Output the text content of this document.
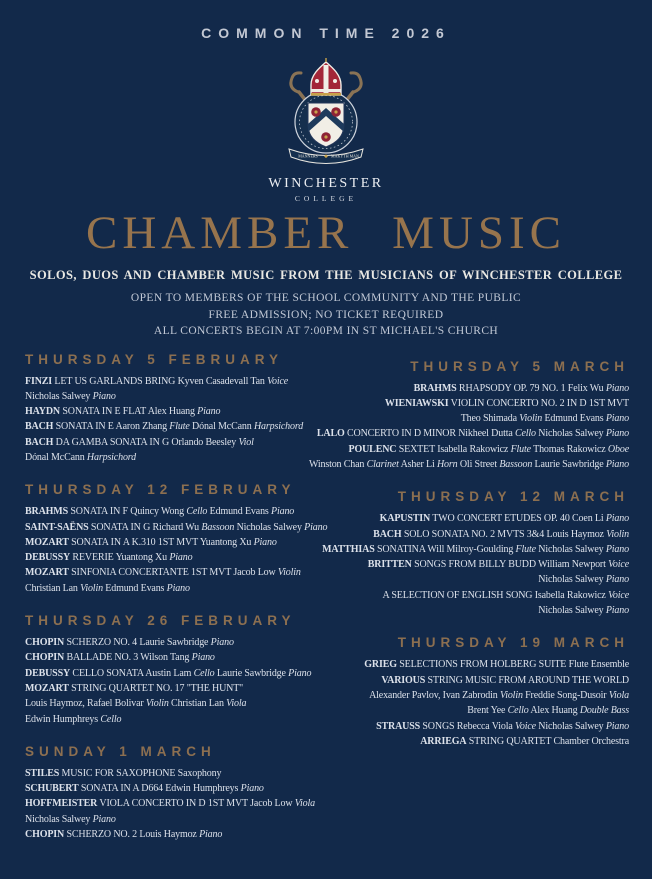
COMMON TIME 2026
MANNERS	MAKYTH MAN
WINCHESTER
COLLEGE
CHAMBER MUSIC
SOLOS, DUOS AND CHAMBER MUSIC FROM THE MUSICIANS OF WINCHESTER COLLEGE
OPEN TO MEMBERS OF THE SCHOOL COMMUNITY AND THE PUBLIC
FREE ADMISSION; NO TICKET REQUIRED
ALL CONCERTS BEGIN AT 7:00PM IN ST MICHAEL'S CHURCH
THURSDAY 5 FEBRUARY

FINZI LET US GARLANDS BRING Kyven Casadevall Tan Voice

Nicholas Salwey Piano

HAYDN SONATA IN E FLAT Alex Huang Piano

BACH SONATA IN E Aaron Zhang Flute Dónal McCann Harpsichord

BACH DA GAMBA SONATA IN G Orlando Beesley Viol

Dónal McCann Harpsichord

THURSDAY 12 FEBRUARY

BRAHMS SONATA IN F Quincy Wong Cello Edmund Evans Piano

SAINT-SAËNS SONATA IN G Richard Wu Bassoon Nicholas Salwey Piano

MOZART SONATA IN A K.310 1ST MVT Yuantong Xu Piano

DEBUSSY REVERIE Yuantong Xu Piano

MOZART SINFONIA CONCERTANTE 1ST MVT Jacob Low Violin

Christian Lan Violin Edmund Evans Piano

THURSDAY 26 FEBRUARY

CHOPIN SCHERZO NO. 4 Laurie Sawbridge Piano

CHOPIN BALLADE NO. 3 Wilson Tang Piano

DEBUSSY CELLO SONATA Austin Lam Cello Laurie Sawbridge Piano

MOZART STRING QUARTET NO. 17 "THE HUNT"

Louis Haymoz, Rafael Bolivar Violin Christian Lan Viola

Edwin Humphreys Cello

SUNDAY 1 MARCH

STILES MUSIC FOR SAXOPHONE Saxophony

SCHUBERT SONATA IN A D664 Edwin Humphreys Piano

HOFFMEISTER VIOLA CONCERTO IN D 1ST MVT Jacob Low Viola

Nicholas Salwey Piano

CHOPIN SCHERZO NO. 2 Louis Haymoz Piano

THURSDAY 5 MARCH

BRAHMS RHAPSODY OP. 79 NO. 1 Felix Wu Piano

WIENIAWSKI VIOLIN CONCERTO NO. 2 IN D 1ST MVT

Theo Shimada Violin Edmund Evans Piano

LALO CONCERTO IN D MINOR Nikheel Dutta Cello Nicholas Salwey Piano

POULENC SEXTET Isabella Rakowicz Flute Thomas Rakowicz Oboe

Winston Chan Clarinet Asher Li Horn Oli Street Bassoon Laurie Sawbridge Piano

THURSDAY 12 MARCH

KAPUSTIN TWO CONCERT ETUDES OP. 40 Coen Li Piano

BACH SOLO SONATA NO. 2 MVTS 3&4 Louis Haymoz Violin

MATTHIAS SONATINA Will Milroy-Goulding Flute Nicholas Salwey Piano

BRITTEN SONGS FROM BILLY BUDD William Newport Voice

Nicholas Salwey Piano

A SELECTION OF ENGLISH SONG Isabella Rakowicz Voice

Nicholas Salwey Piano

THURSDAY 19 MARCH

GRIEG SELECTIONS FROM HOLBERG SUITE Flute Ensemble

VARIOUS STRING MUSIC FROM AROUND THE WORLD

Alexander Pavlov, Ivan Zabrodin Violin Freddie Song-Dusoir Viola

Brent Yee Cello Alex Huang Double Bass

STRAUSS SONGS Rebecca Viola Voice Nicholas Salwey Piano

ARRIEGA STRING QUARTET Chamber Orchestra
